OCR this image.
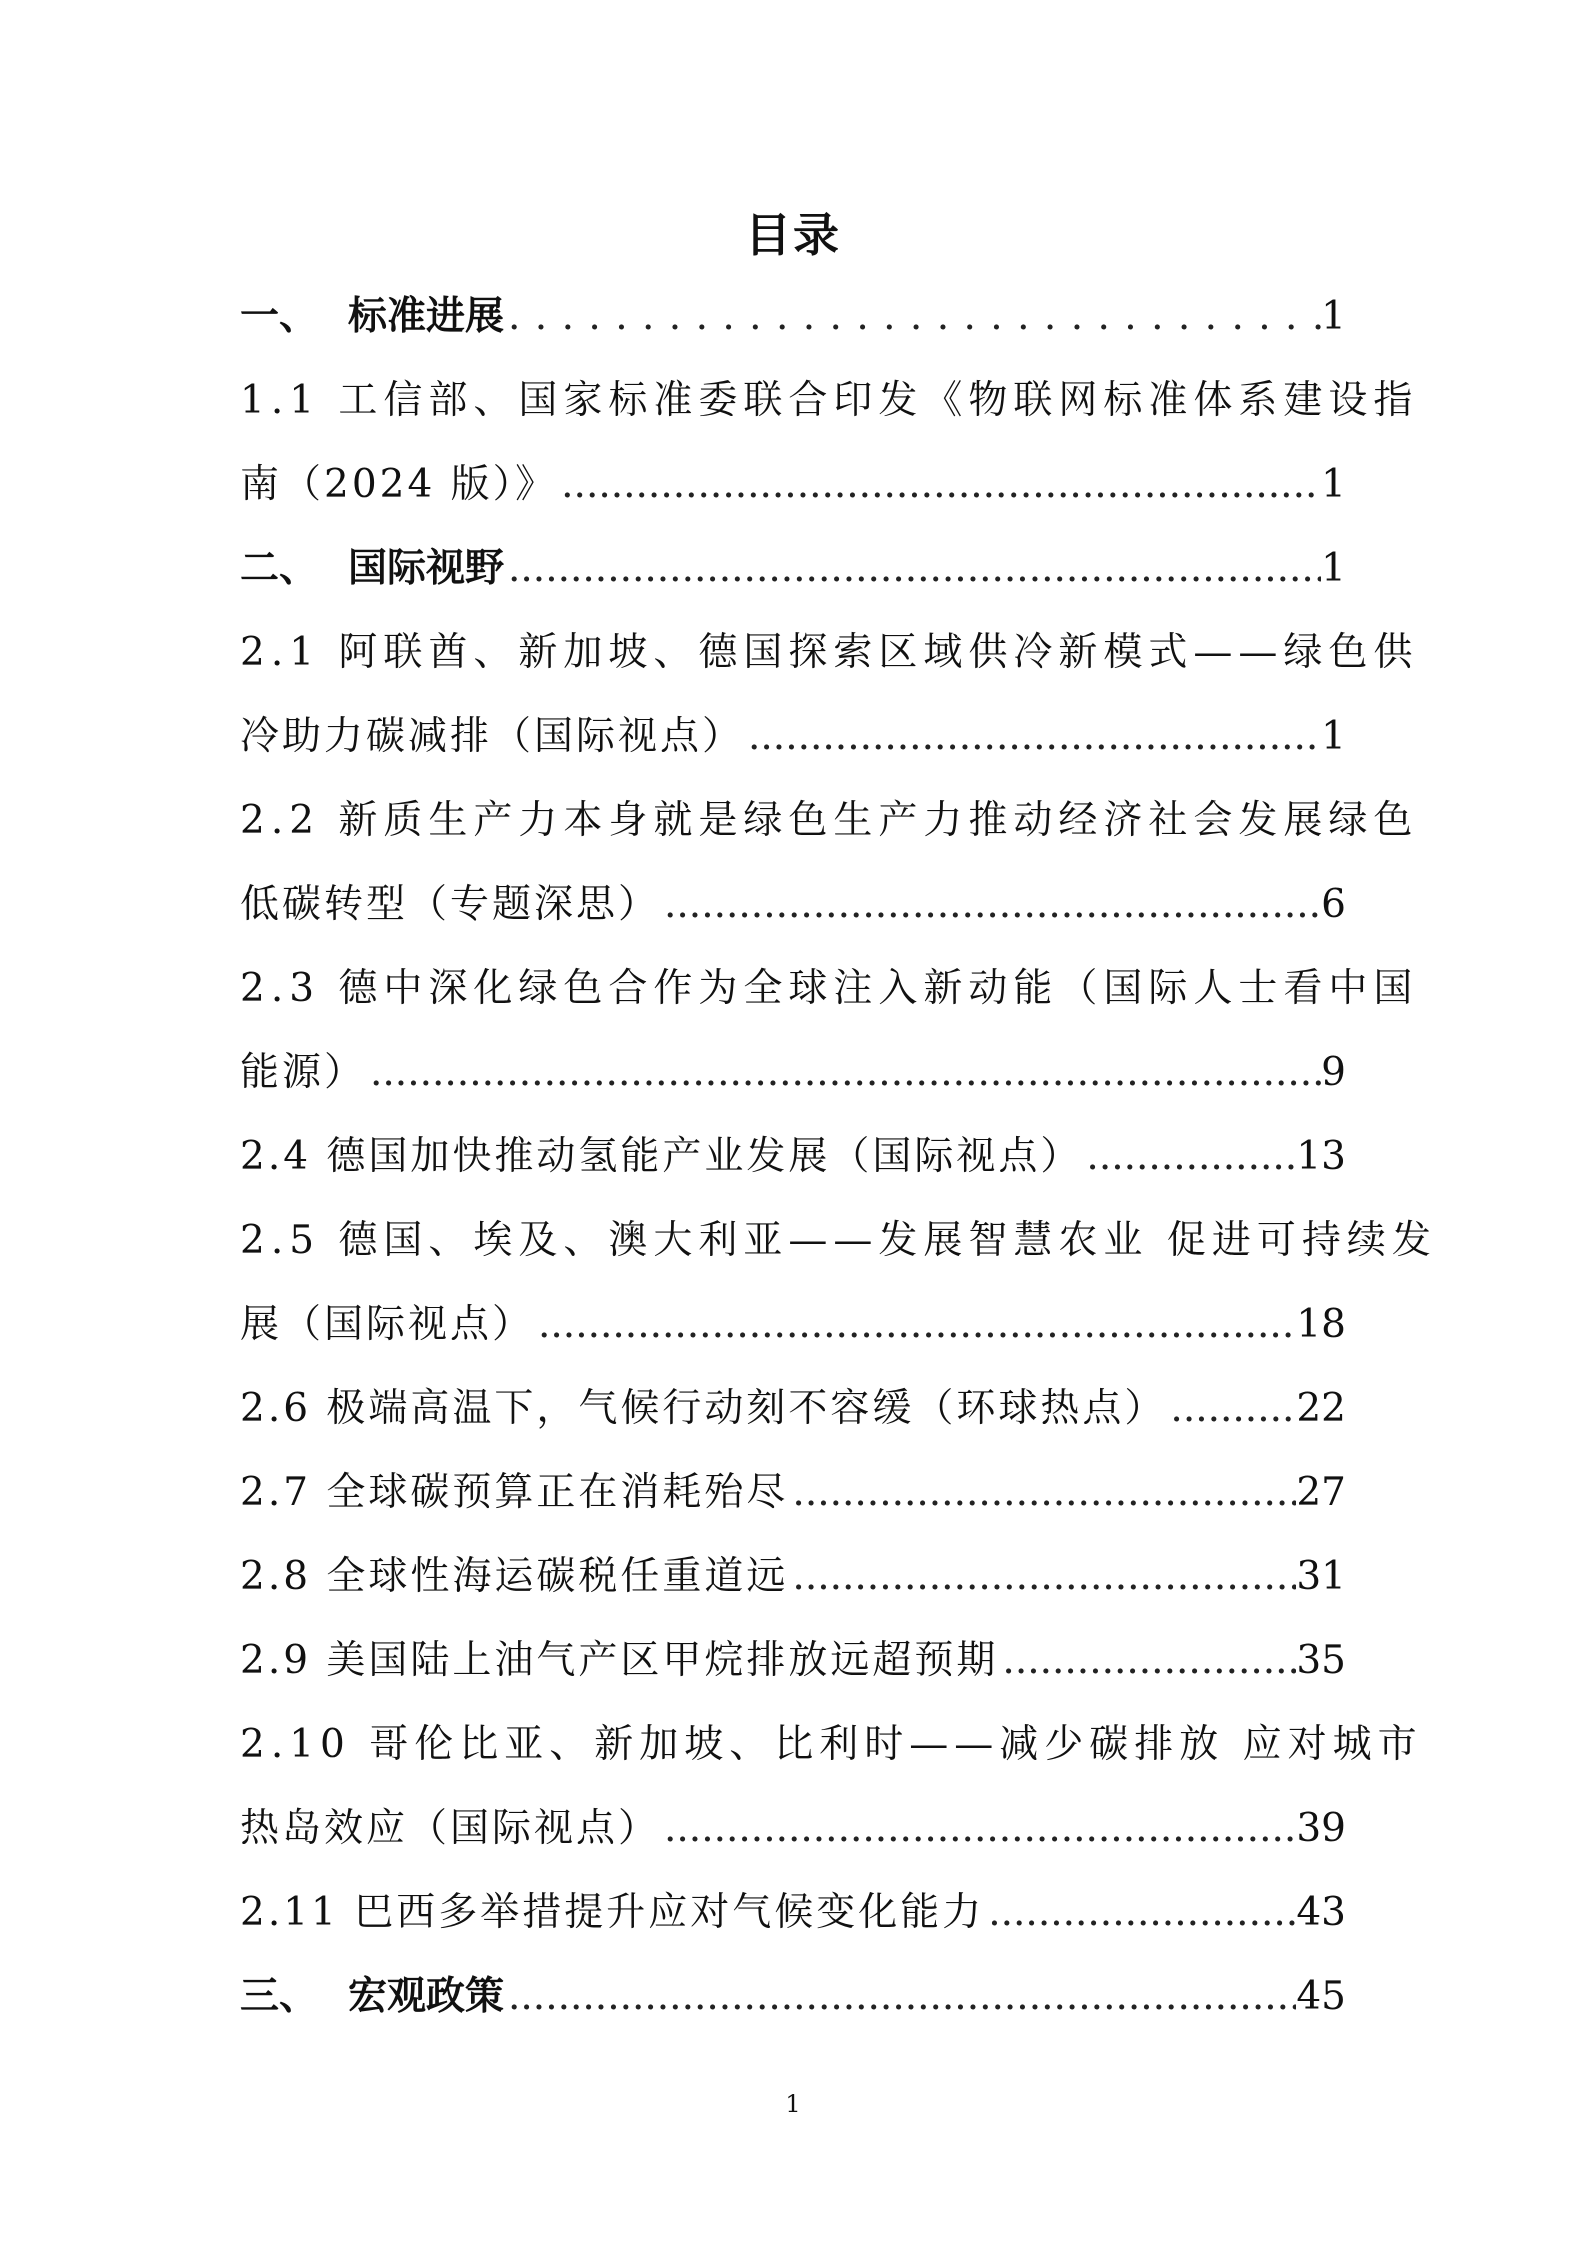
目录
一、 标准进展 . . .	1
1.1 工信部、国家标准委联合印发《物联网标准体系建设指
南（2024 版）》 .....	1
二、 国际视野 .....	1
2.1 阿联酋、新加坡、德国探索区域供冷新模式——绿色供
冷助力碳减排（国际视点） .....	1
2.2 新质生产力本身就是绿色生产力推动经济社会发展绿色
低碳转型（专题深思） .....	6
2.3 德中深化绿色合作为全球注入新动能（国际人士看中国
能源） .....	9
2.4 德国加快推动氢能产业发展（国际视点） .....	13
2.5 德国、埃及、澳大利亚——发展智慧农业 促进可持续发
展（国际视点） .....	18
2.6 极端高温下，气候行动刻不容缓（环球热点） .....	22
2.7 全球碳预算正在消耗殆尽 .....	27
2.8 全球性海运碳税任重道远 .....	31
2.9 美国陆上油气产区甲烷排放远超预期 .....	35
2.10 哥伦比亚、新加坡、比利时——减少碳排放 应对城市
热岛效应（国际视点） .....	39
2.11 巴西多举措提升应对气候变化能力 .....	43
三、 宏观政策 .....	45
1
